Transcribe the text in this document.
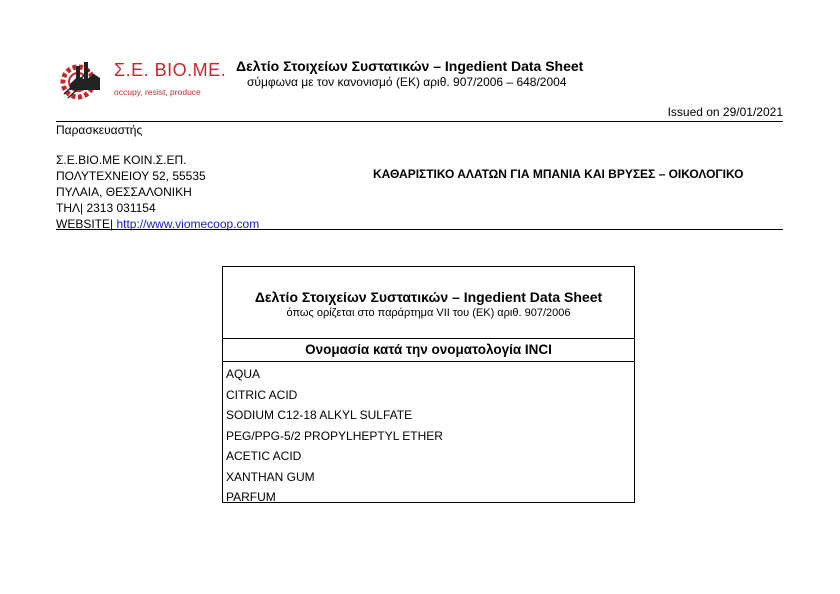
Σ.Ε. ΒΙΟ.ΜΕ.
occupy, resist, produce
Δελτίο Στοιχείων Συστατικών – Ingedient Data Sheet
σύμφωνα με τον κανονισμό (ΕΚ) αριθ. 907/2006 – 648/2004
Issued on 29/01/2021
Παρασκευαστής
Σ.Ε.ΒΙΟ.ΜΕ ΚΟΙΝ.Σ.ΕΠ.
ΠΟΛΥΤΕΧΝΕΙΟΥ 52, 55535
ΠΥΛΑΙΑ, ΘΕΣΣΑΛΟΝΙΚΗ
ΤΗΛ| 2313 031154
WEBSITE| http://www.viomecoop.com
ΚΑΘΑΡΙΣΤΙΚΟ ΑΛΑΤΩΝ ΓΙΑ ΜΠΑΝΙΑ ΚΑΙ ΒΡΥΣΕΣ – ΟΙΚΟΛΟΓΙΚΟ
Δελτίο Στοιχείων Συστατικών – Ingedient Data Sheet
όπως ορίζεται στο παράρτημα VII του (ΕΚ) αριθ. 907/2006
Ονομασία κατά την ονοματολογία INCI
AQUA
CITRIC ACID
SODIUM C12-18 ALKYL SULFATE
PEG/PPG-5/2 PROPYLHEPTYL ETHER
ACETIC ACID
XANTHAN GUM
PARFUM
